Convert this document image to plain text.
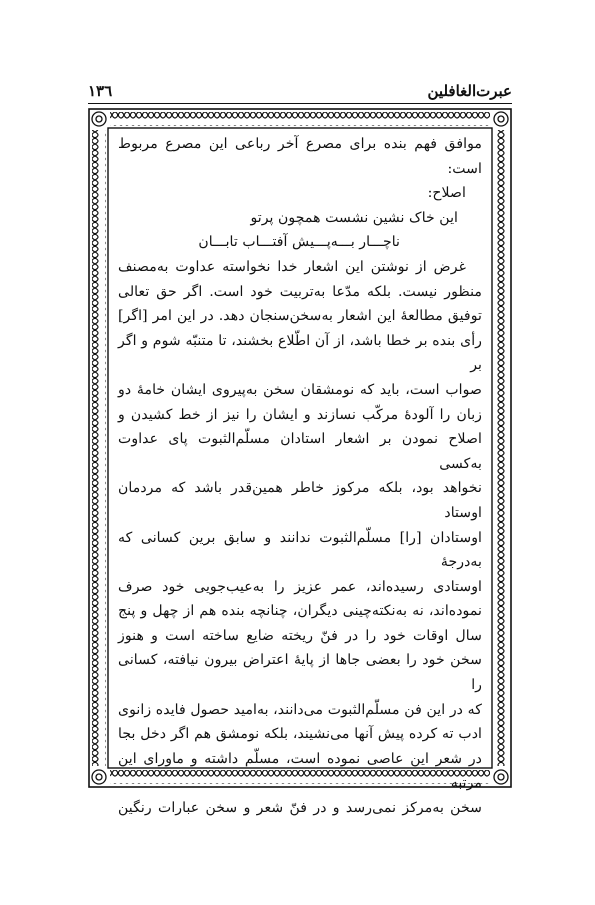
عبرت‌الغافلین
۱۳٦
موافق فهم بنده برای مصرع آخر رباعی این مصرع مربوط
است:
اصلاح:
این خاک نشین نشست همچون پرتو
ناچـــار بـــه‌پـــیش آفتـــاب تابـــان
غرض از نوشتن این اشعار خدا نخواسته عداوت به‌مصنف
منظور نیست. بلکه مدّعا به‌تربیت خود است. اگر حق تعالی
توفیق مطالعهٔ این اشعار به‌سخن‌سنجان دهد. در این امر [اگر]
رأی بنده بر خطا باشد، از آن اطّلاع بخشند، تا متنبّه شوم و اگر بر
صواب است، باید که نومشقان سخن به‌پیروی ایشان خامهٔ دو
زبان را آلودهٔ مرکّب نسازند و ایشان را نیز از خط کشیدن و
اصلاح نمودن بر اشعار استادان مسلّم‌الثبوت پای عداوت به‌کسی
نخواهد بود، بلکه مرکوز خاطر همین‌قدر باشد که مردمان اوستاد
اوستادان [را] مسلّم‌الثبوت ندانند و سابق برین کسانی که به‌درجهٔ
اوستادی رسیده‌اند، عمر عزیز را به‌عیب‌جویی خود صرف
نموده‌اند، نه به‌نکته‌چینی دیگران، چنانچه بنده هم از چهل و پنج
سال اوقات خود را در فنّ ریخته ضایع ساخته است و هنوز
سخن خود را بعضی جاها از پایهٔ اعتراض بیرون نیافته، کسانی را
که در این فن مسلّم‌الثبوت می‌دانند، به‌امید حصول فایده زانوی
ادب ته کرده پیش آنها می‌نشیند، بلکه نومشق هم اگر دخل بجا
در شعر این عاصی نموده است، مسلّم داشته و ماورای این مرتبه
سخن به‌مرکز نمی‌رسد و در فنّ شعر و سخن عبارات رنگین
